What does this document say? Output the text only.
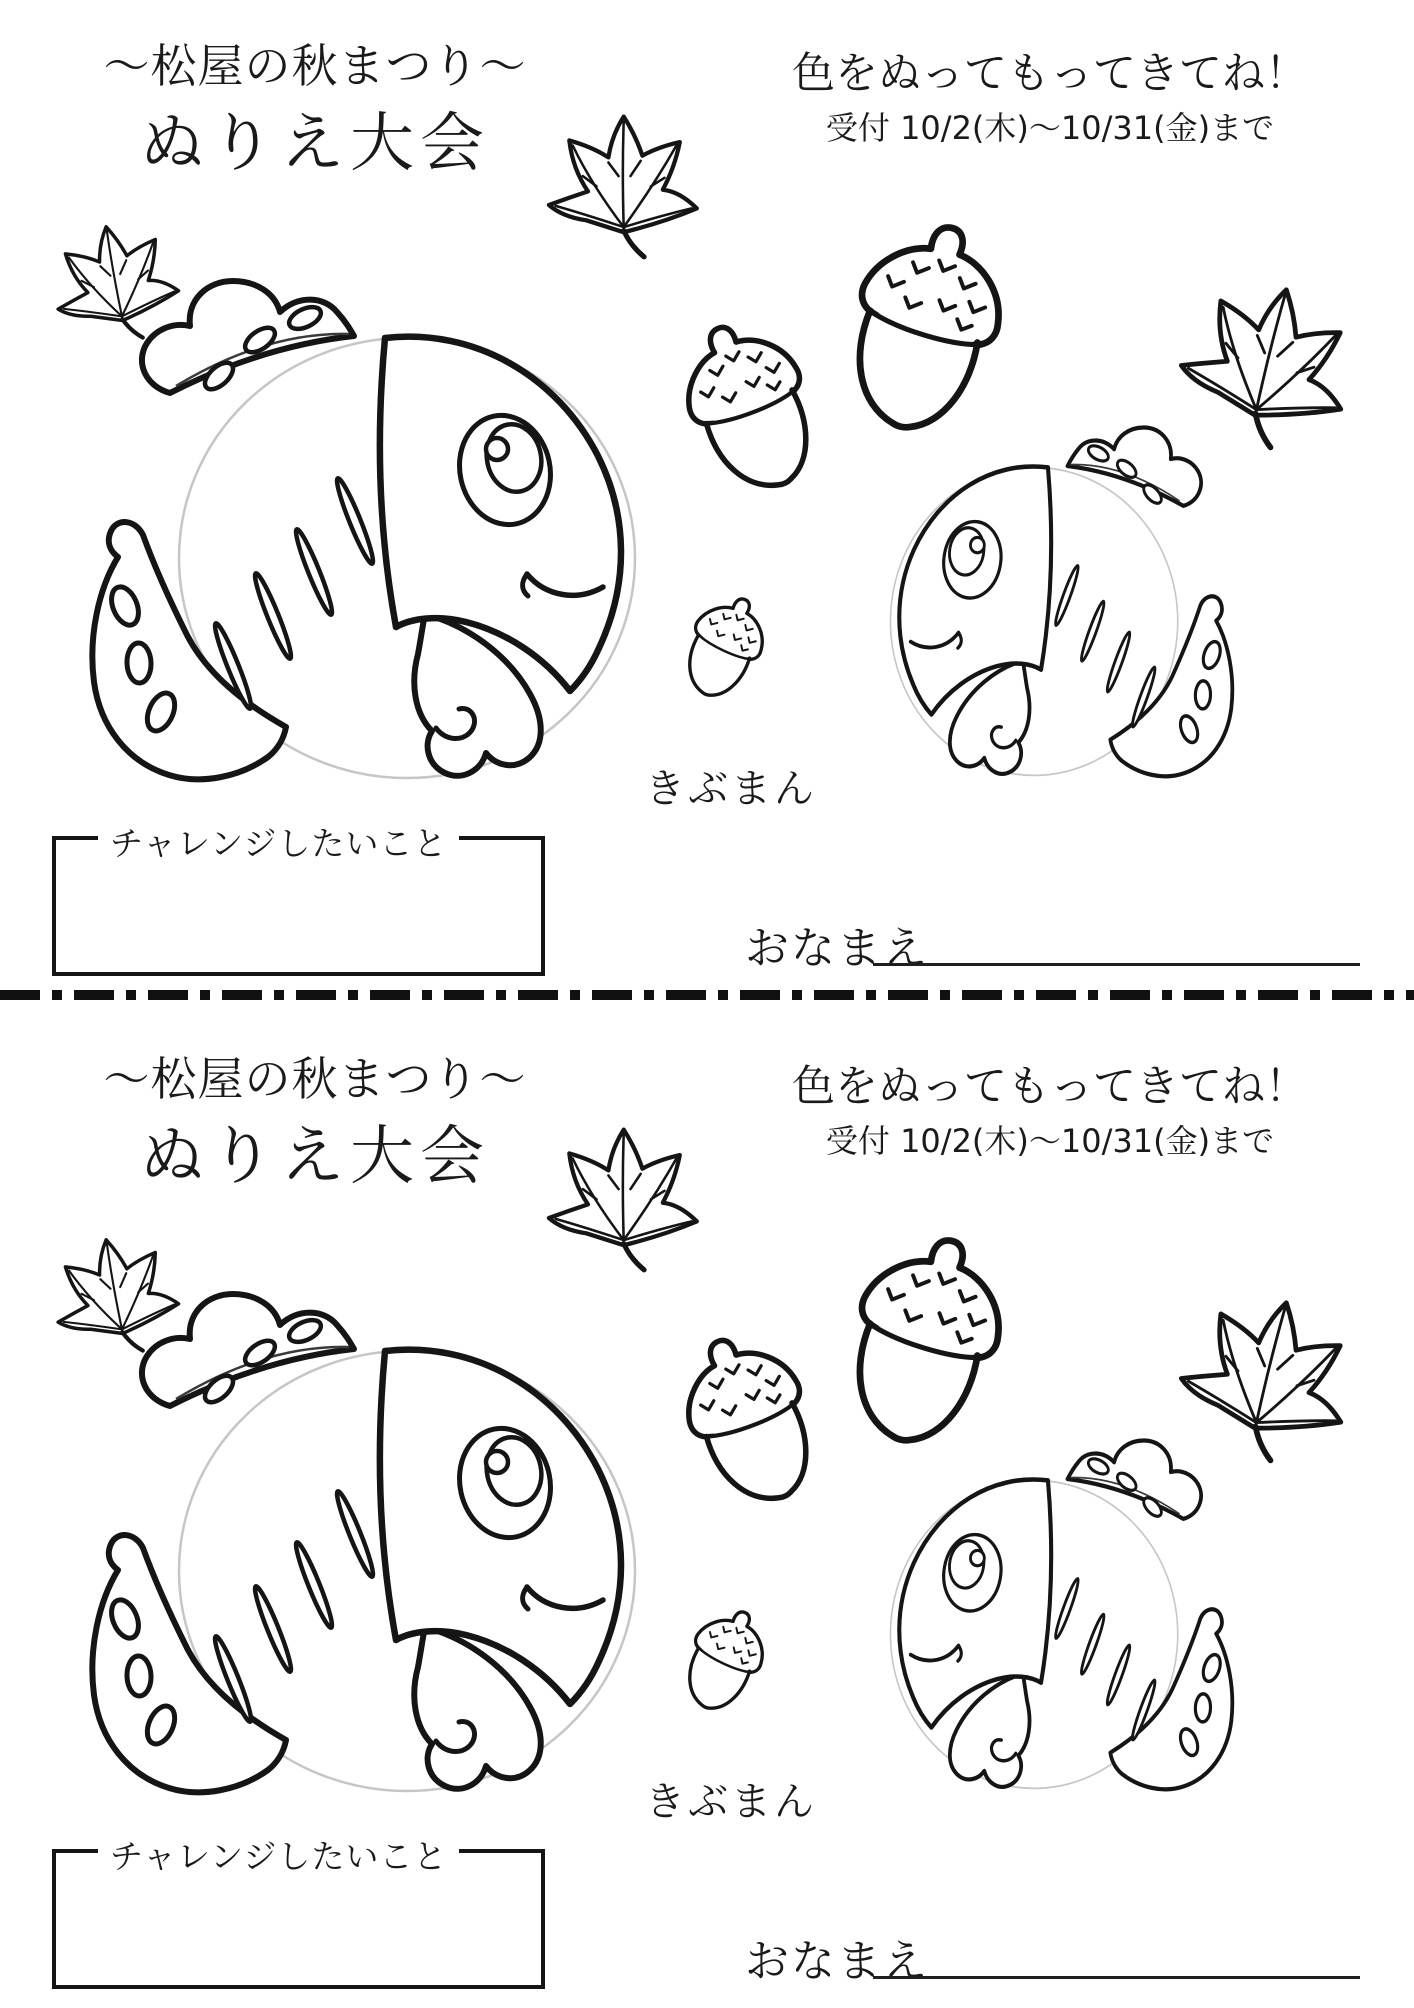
～松屋の秋まつり～
ぬりえ大会
色をぬってもってきてね！
受付 10/2(木)～10/31(金)まで
きぶまん
チャレンジしたいこと
おなまえ
～松屋の秋まつり～
ぬりえ大会
色をぬってもってきてね！
受付 10/2(木)～10/31(金)まで
きぶまん
チャレンジしたいこと
おなまえ
